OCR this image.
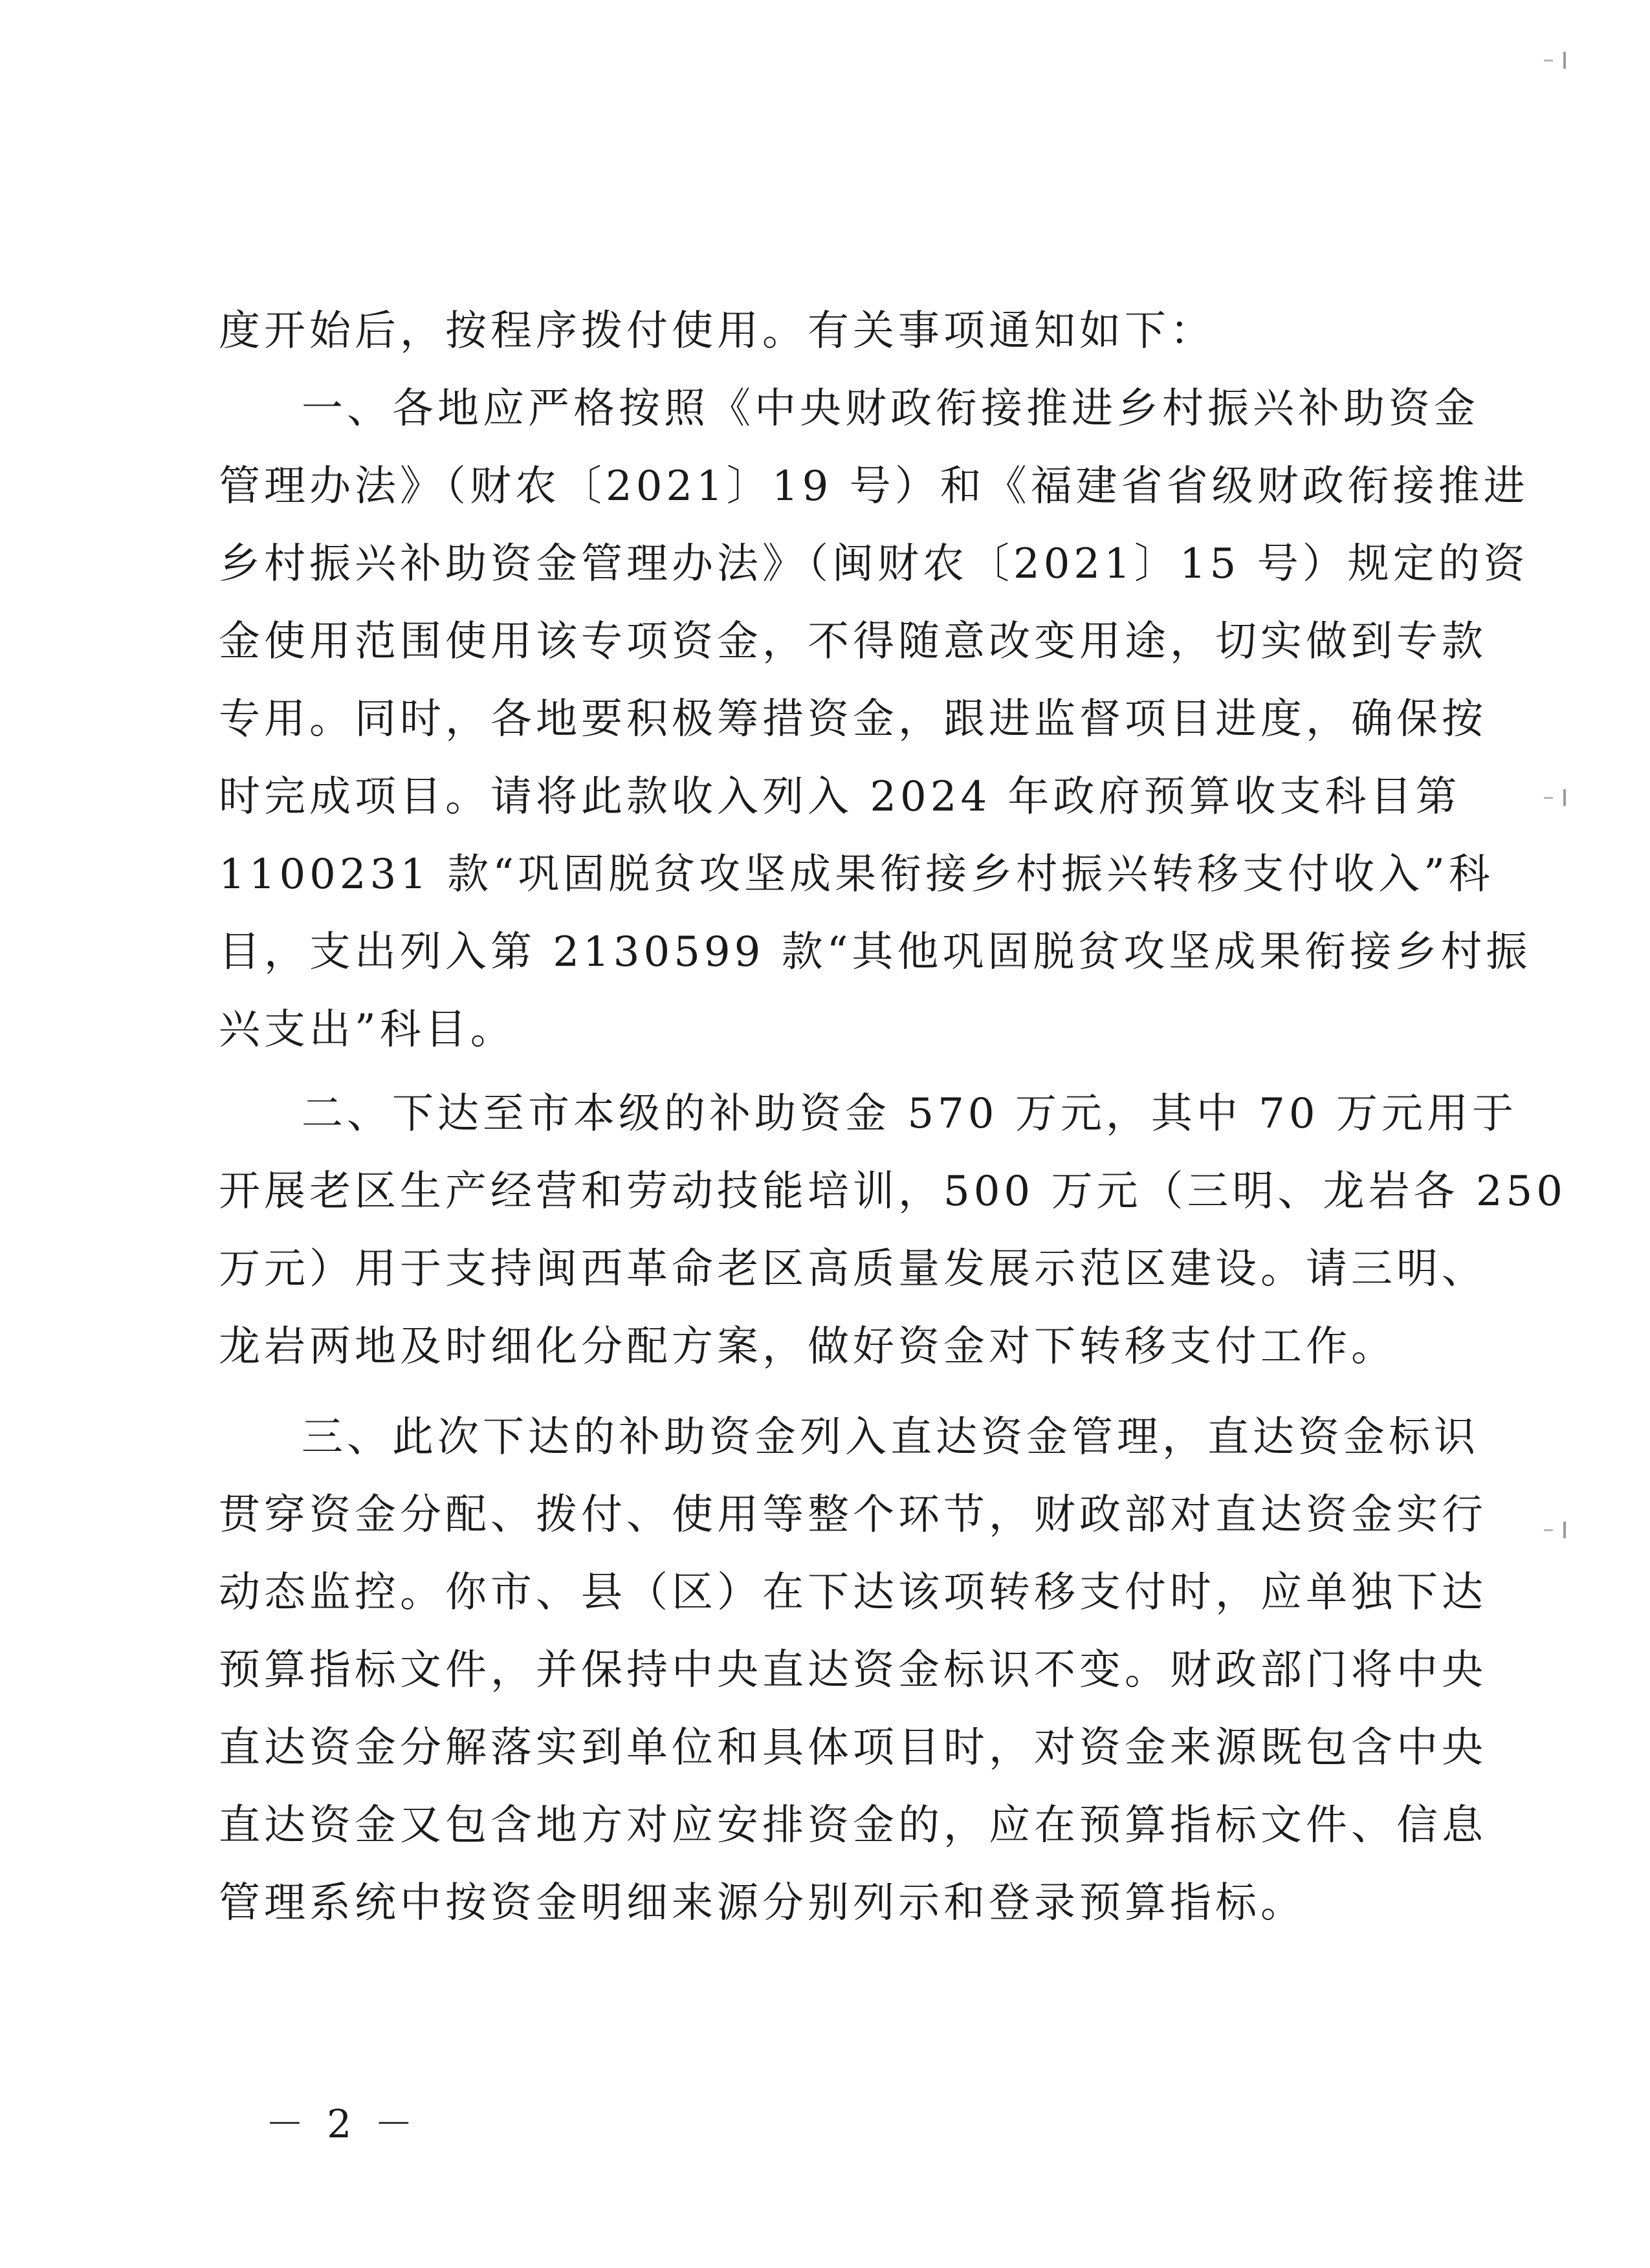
度开始后，按程序拨付使用。有关事项通知如下：
一、各地应严格按照《中央财政衔接推进乡村振兴补助资金
管理办法》（财农〔2021〕19 号）和《福建省省级财政衔接推进
乡村振兴补助资金管理办法》（闽财农〔2021〕15 号）规定的资
金使用范围使用该专项资金，不得随意改变用途，切实做到专款
专用。同时，各地要积极筹措资金，跟进监督项目进度，确保按
时完成项目。请将此款收入列入 2024 年政府预算收支科目第
1100231 款“巩固脱贫攻坚成果衔接乡村振兴转移支付收入”科
目，支出列入第 2130599 款“其他巩固脱贫攻坚成果衔接乡村振
兴支出”科目。
二、下达至市本级的补助资金 570 万元，其中 70 万元用于
开展老区生产经营和劳动技能培训，500 万元（三明、龙岩各 250
万元）用于支持闽西革命老区高质量发展示范区建设。请三明、
龙岩两地及时细化分配方案，做好资金对下转移支付工作。
三、此次下达的补助资金列入直达资金管理，直达资金标识
贯穿资金分配、拨付、使用等整个环节，财政部对直达资金实行
动态监控。你市、县（区）在下达该项转移支付时，应单独下达
预算指标文件，并保持中央直达资金标识不变。财政部门将中央
直达资金分解落实到单位和具体项目时，对资金来源既包含中央
直达资金又包含地方对应安排资金的，应在预算指标文件、信息
管理系统中按资金明细来源分别列示和登录预算指标。
－ 2 －
